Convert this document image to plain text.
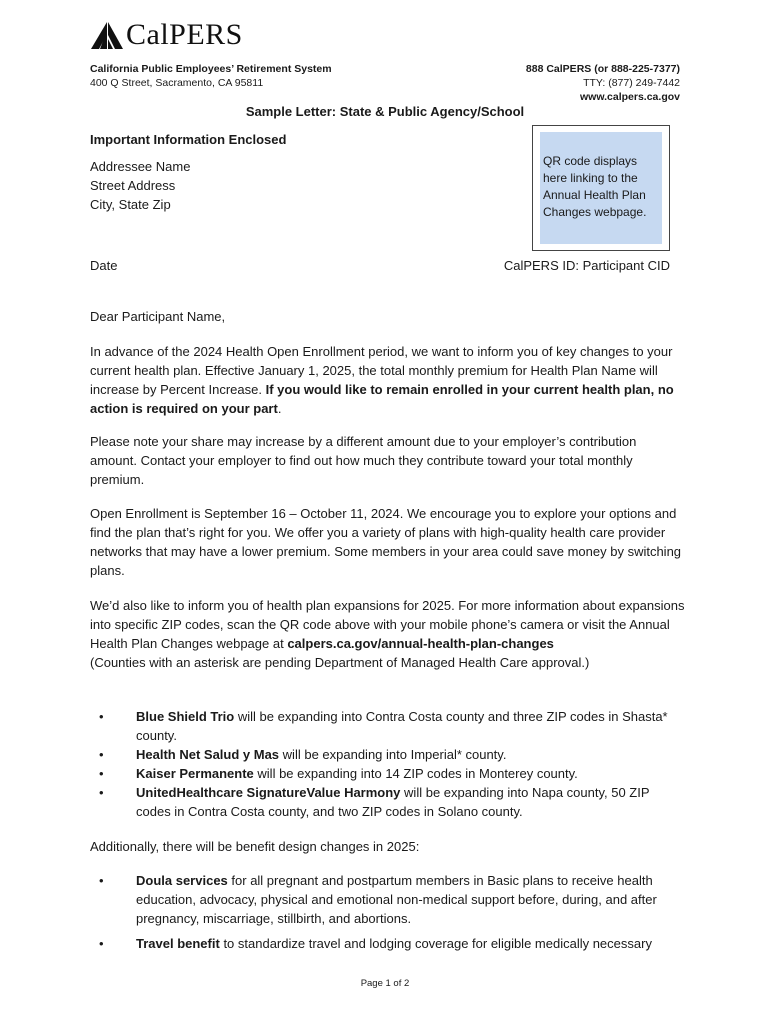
CalPERS
California Public Employees’ Retirement System
400 Q Street, Sacramento, CA 95811
888 CalPERS (or 888-225-7377)
TTY: (877) 249-7442
www.calpers.ca.gov
Sample Letter: State & Public Agency/School
Important Information Enclosed
Addressee Name
Street Address
City, State Zip
QR code displays here linking to the Annual Health Plan Changes webpage.
Date	CalPERS ID: Participant CID
Dear Participant Name,
In advance of the 2024 Health Open Enrollment period, we want to inform you of key changes to your current health plan. Effective January 1, 2025, the total monthly premium for Health Plan Name will increase by Percent Increase. If you would like to remain enrolled in your current health plan, no action is required on your part.
Please note your share may increase by a different amount due to your employer’s contribution amount. Contact your employer to find out how much they contribute toward your total monthly premium.
Open Enrollment is September 16 – October 11, 2024. We encourage you to explore your options and find the plan that’s right for you. We offer you a variety of plans with high-quality health care provider networks that may have a lower premium. Some members in your area could save money by switching plans.
We’d also like to inform you of health plan expansions for 2025. For more information about expansions into specific ZIP codes, scan the QR code above with your mobile phone’s camera or visit the Annual Health Plan Changes webpage at calpers.ca.gov/annual-health-plan-changes
(Counties with an asterisk are pending Department of Managed Health Care approval.)
• Blue Shield Trio will be expanding into Contra Costa county and three ZIP codes in Shasta* county.
• Health Net Salud y Mas will be expanding into Imperial* county.
• Kaiser Permanente will be expanding into 14 ZIP codes in Monterey county.
• UnitedHealthcare SignatureValue Harmony will be expanding into Napa county, 50 ZIP codes in Contra Costa county, and two ZIP codes in Solano county.
Additionally, there will be benefit design changes in 2025:
• Doula services for all pregnant and postpartum members in Basic plans to receive health education, advocacy, physical and emotional non-medical support before, during, and after pregnancy, miscarriage, stillbirth, and abortions.
• Travel benefit to standardize travel and lodging coverage for eligible medically necessary
Page 1 of 2
